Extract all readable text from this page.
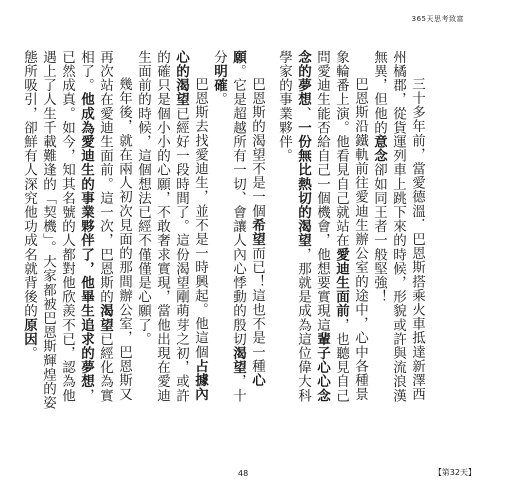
365天思考致富

三十多年前，當愛德溫．巴恩斯搭乘火車抵達新澤西州橘郡，從貨運列車上跳下來的時候，形貌或許與流浪漢無異，但他的意念卻如同王者一般堅強！

巴恩斯沿鐵軌前往愛迪生辦公室的途中，心中各種景象輪番上演。他看見自己就站在愛迪生面前，也聽見自己問愛迪生能否給自己一個機會，他想要實現這輩子心心念念的夢想、一份無比熱切的渴望，那就是成為這位偉大科學家的事業夥伴。

巴恩斯的渴望不是一個希望而已！這也不是一種心願。它是超越所有一切、會讓人內心悸動的殷切渴望，十分明確。

巴恩斯去找愛迪生，並不是一時興起。他這個占據內心的渴望已經好一段時間了。這份渴望剛萌芽之初，或許的確只是個小小的心願，不敢奢求實現，當他出現在愛迪生面前的時候，這個想法已經不僅僅是心願了。

幾年後，就在兩人初次見面的那間辦公室，巴恩斯又再次站在愛迪生面前。這一次，巴恩斯的渴望已經化為實相了。他成為愛迪生的事業夥伴了，他畢生追求的夢想，已然成真。如今，知其名號的人都對他欣羨不已，認為他遇上了人生千載難逢的「契機」。大家都被巴恩斯輝煌的姿態所吸引，卻鮮有人深究他功成名就背後的原因。

48	【第32天】
